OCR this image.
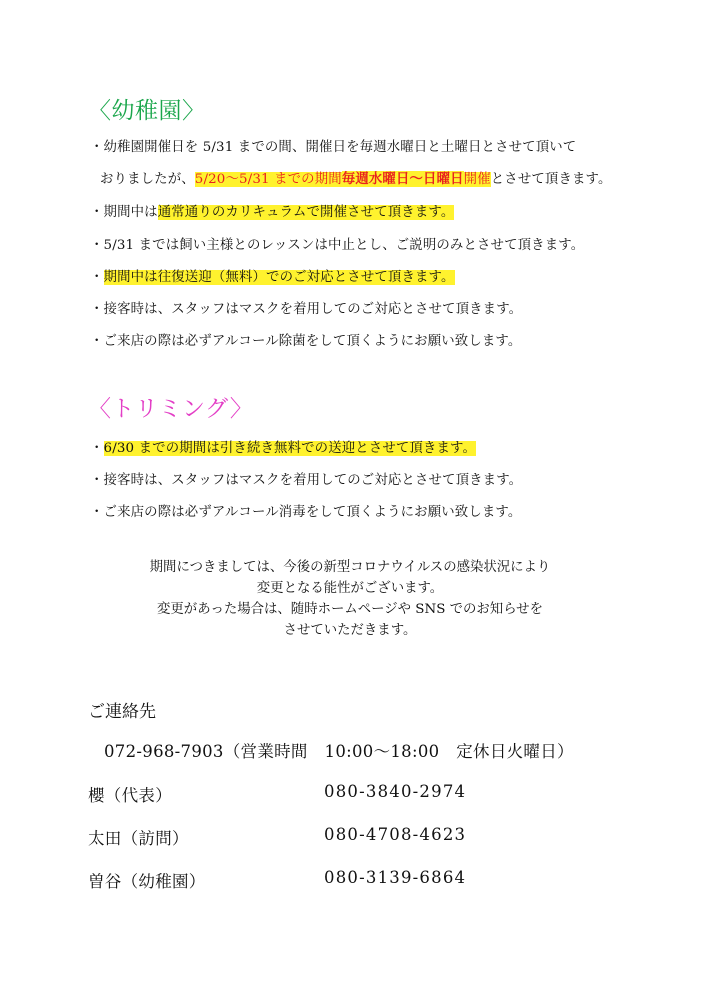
〈幼稚園〉
・幼稚園開催日を 5/31 までの間、開催日を毎週水曜日と土曜日とさせて頂いて
おりましたが、5/20～5/31 までの期間毎週水曜日～日曜日開催とさせて頂きます。
・期間中は通常通りのカリキュラムで開催させて頂きます。
・5/31 までは飼い主様とのレッスンは中止とし、ご説明のみとさせて頂きます。
・期間中は往復送迎（無料）でのご対応とさせて頂きます。
・接客時は、スタッフはマスクを着用してのご対応とさせて頂きます。
・ご来店の際は必ずアルコール除菌をして頂くようにお願い致します。
〈トリミング〉
・6/30 までの期間は引き続き無料での送迎とさせて頂きます。
・接客時は、スタッフはマスクを着用してのご対応とさせて頂きます。
・ご来店の際は必ずアルコール消毒をして頂くようにお願い致します。
期間につきましては、今後の新型コロナウイルスの感染状況により
変更となる能性がございます。
変更があった場合は、随時ホームページや SNS でのお知らせを
させていただきます。
ご連絡先
072-968-7903（営業時間　10:00～18:00　定休日火曜日）
櫻（代表）	080-3840-2974
太田（訪問）	080-4708-4623
曽谷（幼稚園）	080-3139-6864
